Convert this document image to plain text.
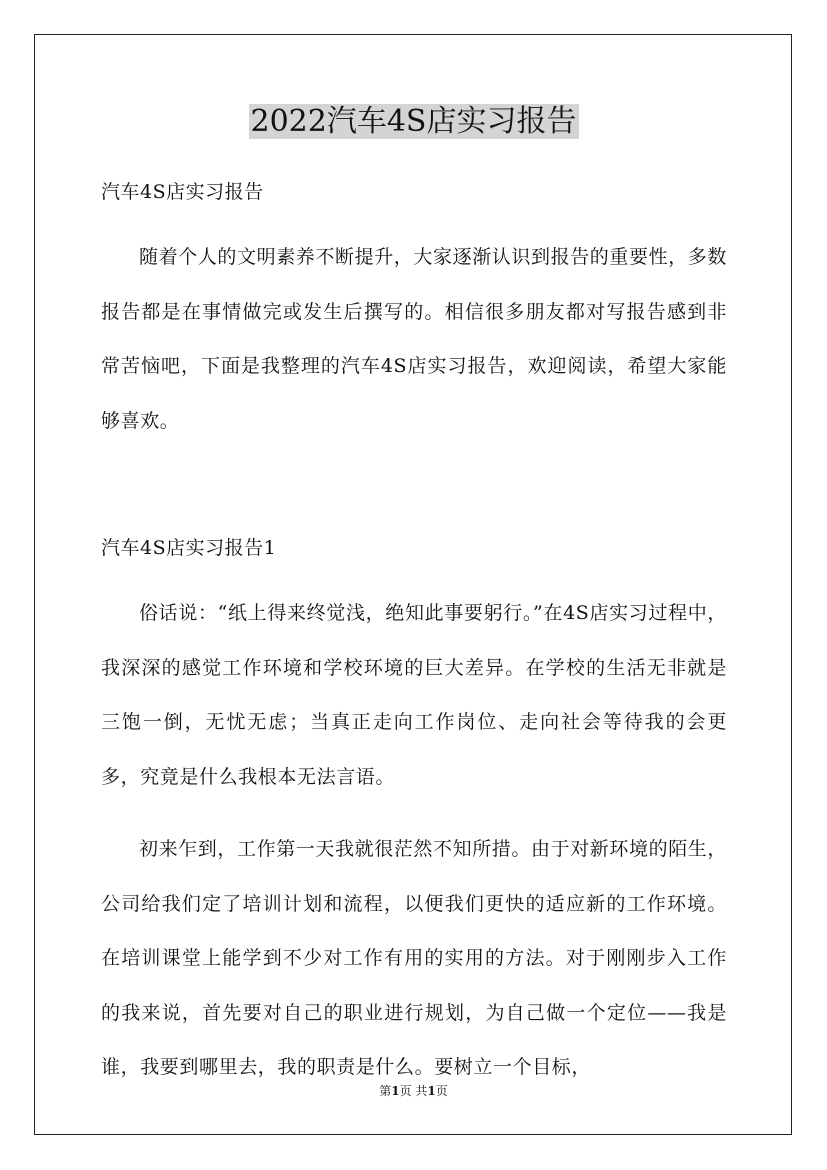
2022汽车4S店实习报告
汽车4S店实习报告

随着个人的文明素养不断提升，大家逐渐认识到报告的重要性，多数报告都是在事情做完或发生后撰写的。相信很多朋友都对写报告感到非常苦恼吧，下面是我整理的汽车4S店实习报告，欢迎阅读，希望大家能够喜欢。

汽车4S店实习报告1

俗话说：“纸上得来终觉浅，绝知此事要躬行。”在4S店实习过程中，我深深的感觉工作环境和学校环境的巨大差异。在学校的生活无非就是三饱一倒，无忧无虑；当真正走向工作岗位、走向社会等待我的会更多，究竟是什么我根本无法言语。

初来乍到，工作第一天我就很茫然不知所措。由于对新环境的陌生，公司给我们定了培训计划和流程，以便我们更快的适应新的工作环境。在培训课堂上能学到不少对工作有用的实用的方法。对于刚刚步入工作的我来说，首先要对自己的职业进行规划，为自己做一个定位——我是谁，我要到哪里去，我的职责是什么。要树立一个目标，

第1页 共1页
